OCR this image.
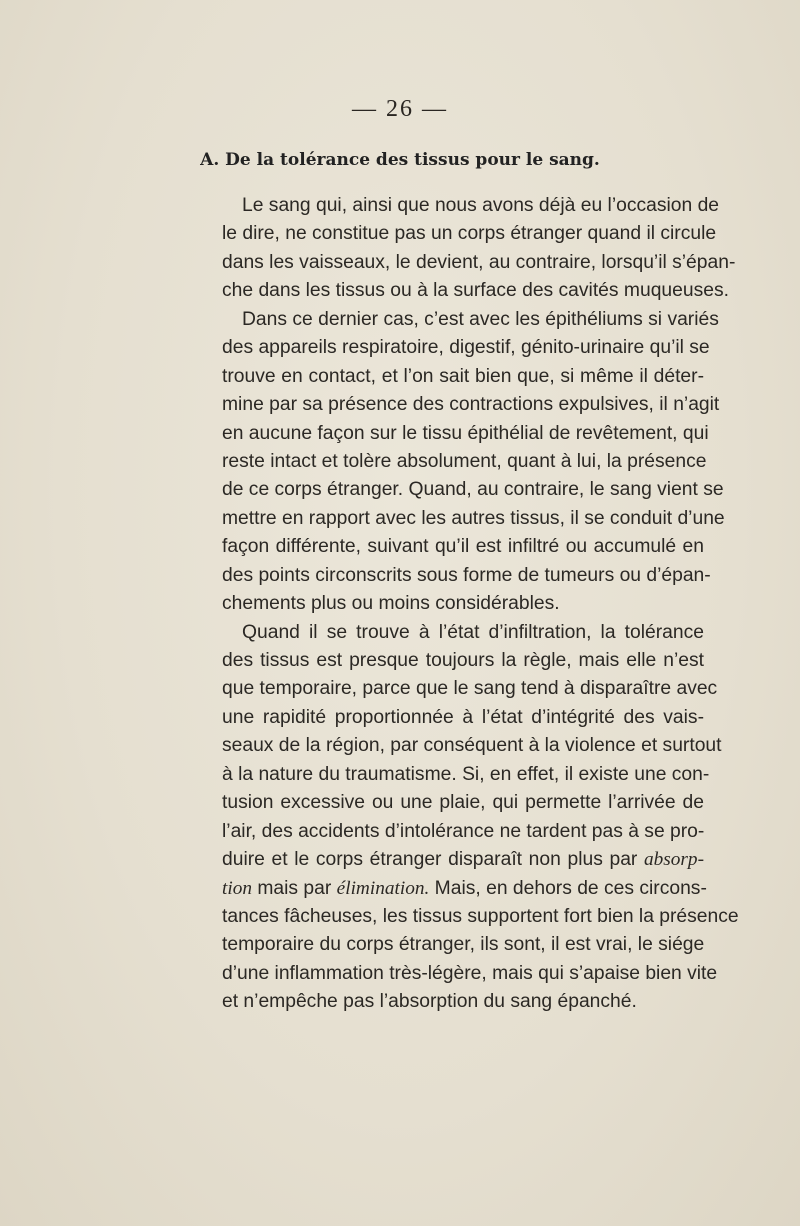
— 26 —
A. De la tolérance des tissus pour le sang.
Le sang qui, ainsi que nous avons déjà eu l’occasion de
le dire, ne constitue pas un corps étranger quand il circule
dans les vaisseaux, le devient, au contraire, lorsqu’il s’épan-
che dans les tissus ou à la surface des cavités muqueuses.
Dans ce dernier cas, c’est avec les épithéliums si variés
des appareils respiratoire, digestif, génito-urinaire qu’il se
trouve en contact, et l’on sait bien que, si même il déter-
mine par sa présence des contractions expulsives, il n’agit
en aucune façon sur le tissu épithélial de revêtement, qui
reste intact et tolère absolument, quant à lui, la présence
de ce corps étranger. Quand, au contraire, le sang vient se
mettre en rapport avec les autres tissus, il se conduit d’une
façon différente, suivant qu’il est infiltré ou accumulé en
des points circonscrits sous forme de tumeurs ou d’épan-
chements plus ou moins considérables.
Quand il se trouve à l’état d’infiltration, la tolérance
des tissus est presque toujours la règle, mais elle n’est
que temporaire, parce que le sang tend à disparaître avec
une rapidité proportionnée à l’état d’intégrité des vais-
seaux de la région, par conséquent à la violence et surtout
à la nature du traumatisme. Si, en effet, il existe une con-
tusion excessive ou une plaie, qui permette l’arrivée de
l’air, des accidents d’intolérance ne tardent pas à se pro-
duire et le corps étranger disparaît non plus par absorp-
tion mais par élimination. Mais, en dehors de ces circons-
tances fâcheuses, les tissus supportent fort bien la présence
temporaire du corps étranger, ils sont, il est vrai, le siége
d’une inflammation très-légère, mais qui s’apaise bien vite
et n’empêche pas l’absorption du sang épanché.
